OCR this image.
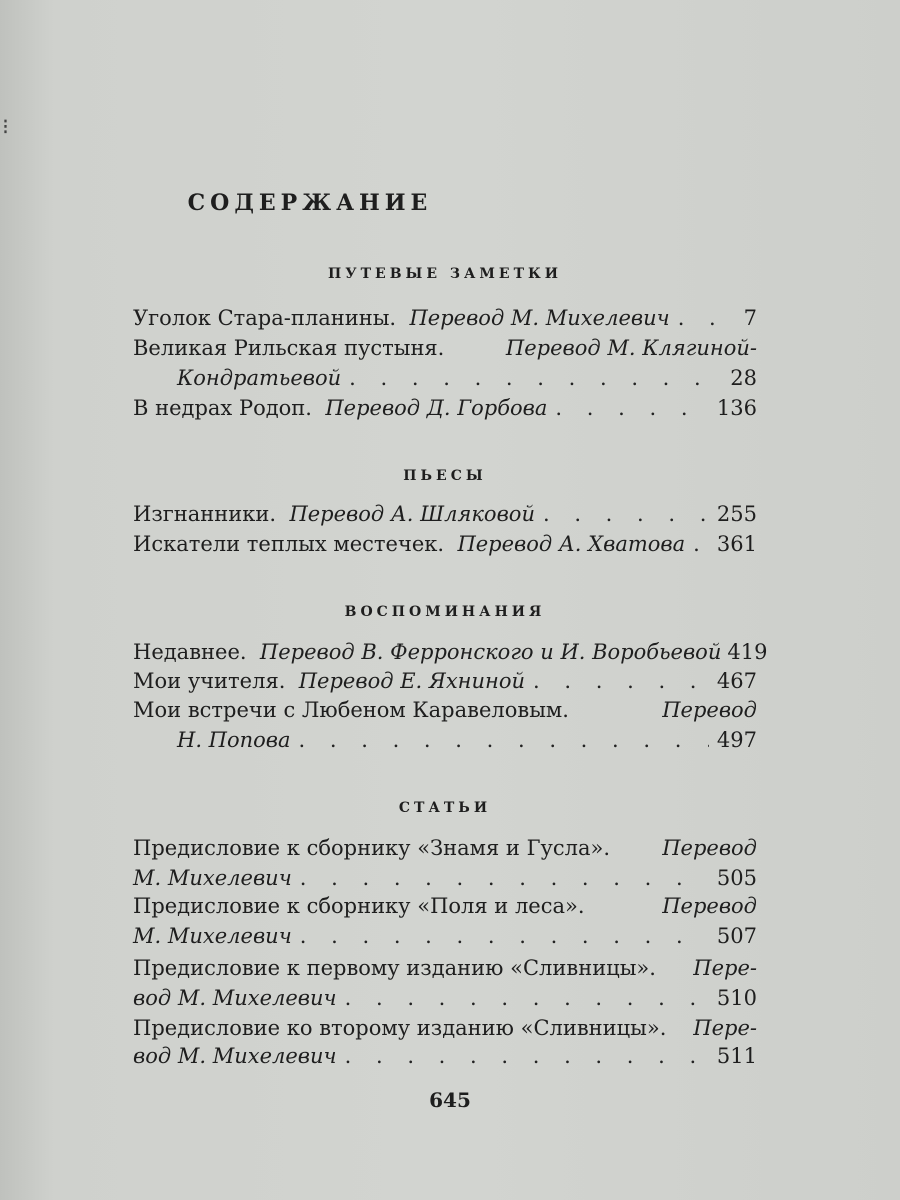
⁝
СОДЕРЖАНИЕ
ПУТЕВЫЕ ЗАМЕТКИ
Уголок Стара-планины.
Перевод М. Михелевич . . .	7
Великая Рильская пустыня.	Перевод М. Клягиной-
Кондратьевой . . .	28
В недрах Родоп.
Перевод Д. Горбова . . .	136
ПЬЕСЫ
Изгнанники.
Перевод А. Шляковой . . .	255
Искатели теплых местечек.
Перевод А. Хватова . . . 361
ВОСПОМИНАНИЯ
Недавнее.
Перевод В. Ферронского и И. Воробьевой 419
Мои учителя.
Перевод Е. Яхниной . . .	467
Мои встречи с Любеном Каравеловым.	Перевод
Н. Попова . . .	497
СТАТЬИ
Предисловие к сборнику «Знамя и Гусла». Перевод
М. Михелевич . . .	505
Предисловие к сборнику «Поля и леса».	Перевод
М. Михелевич . . .	507
Предисловие к первому изданию «Сливницы». Пере-
вод М. Михелевич . . .	510
Предисловие ко второму изданию «Сливницы». Пере-
вод М. Михелевич . . .	511
645
